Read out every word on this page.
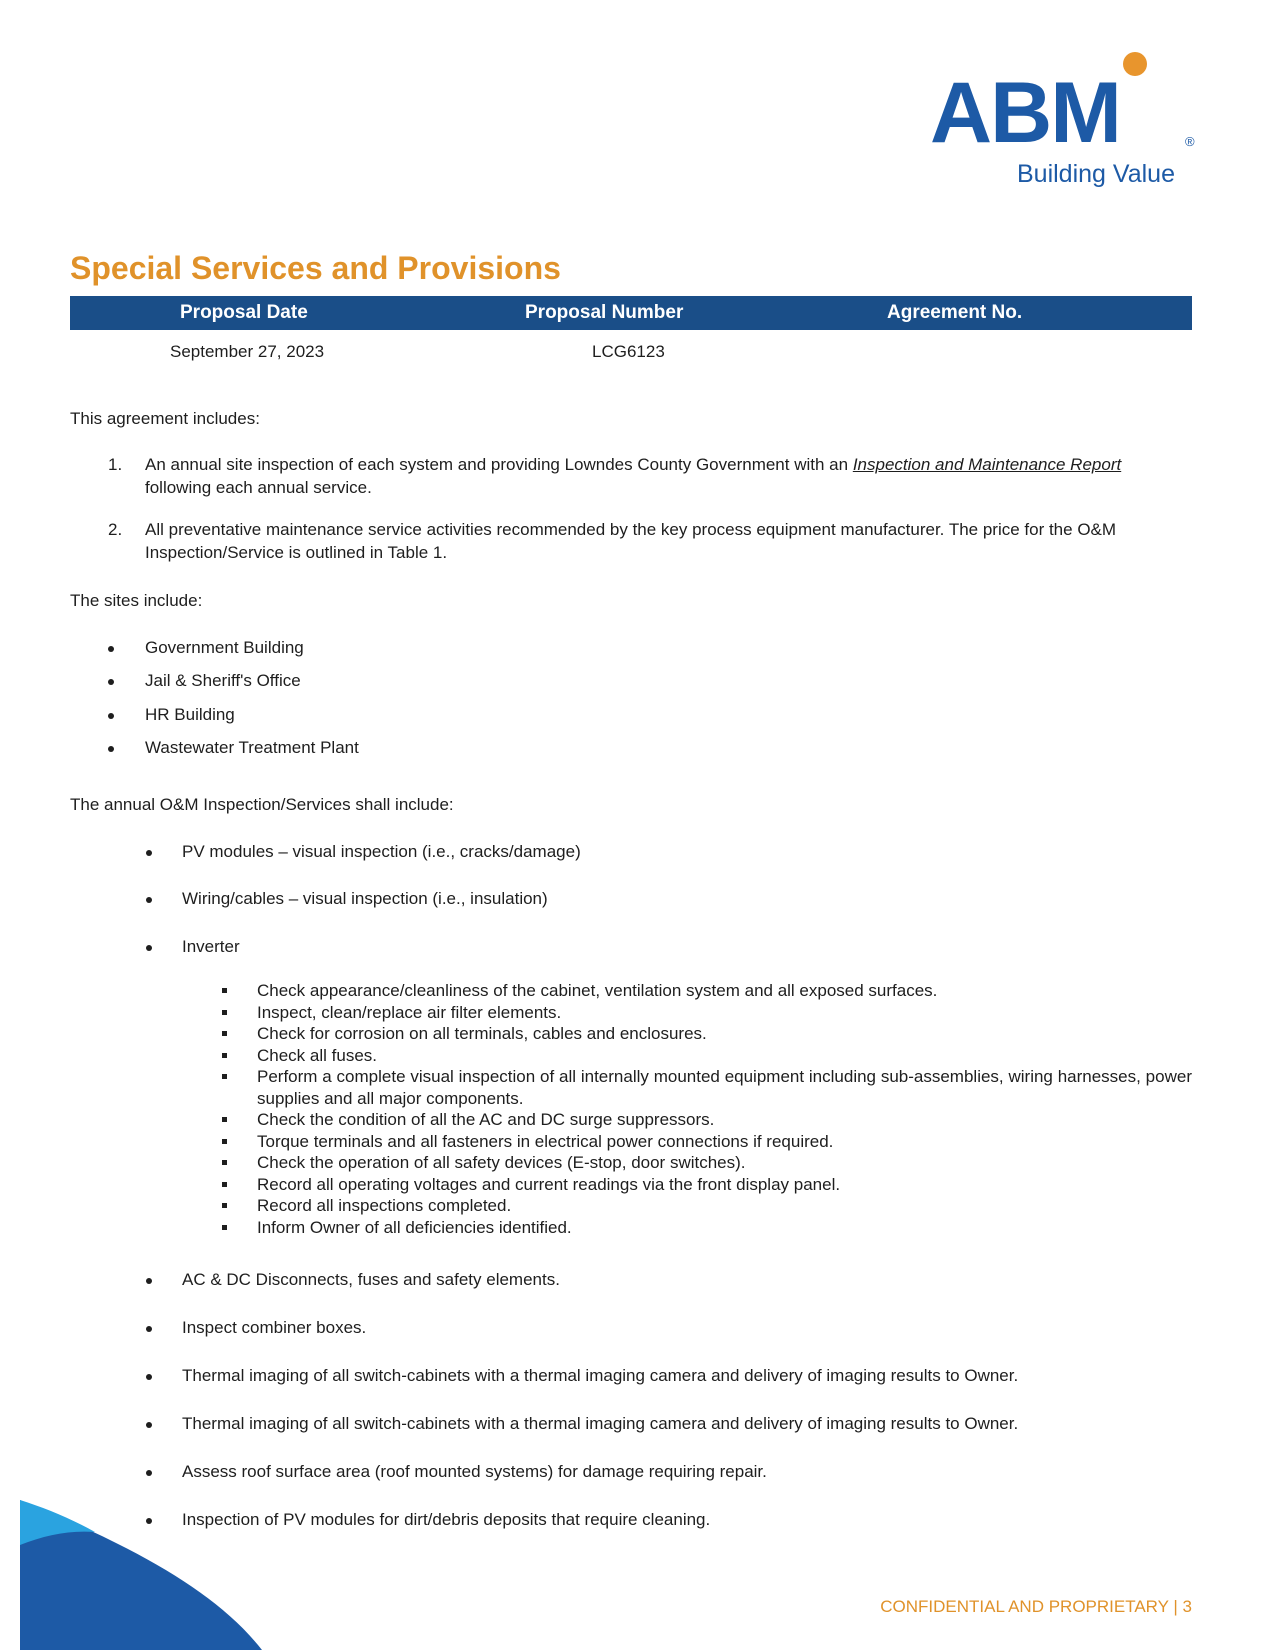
ABM	®
Building Value
Special Services and Provisions
Proposal Date	Proposal Number	Agreement No.
September 27, 2023	LCG6123

This agreement includes:

1. An annual site inspection of each system and providing Lowndes County Government with an Inspection and Maintenance Report following each annual service.
2. All preventative maintenance service activities recommended by the key process equipment manufacturer. The price for the O&M Inspection/Service is outlined in Table 1.

The sites include:

Government Building
Jail & Sheriff's Office
HR Building
Wastewater Treatment Plant

The annual O&M Inspection/Services shall include:

PV modules – visual inspection (i.e., cracks/damage)
Wiring/cables – visual inspection (i.e., insulation)
Inverter
Check appearance/cleanliness of the cabinet, ventilation system and all exposed surfaces.
Inspect, clean/replace air filter elements.
Check for corrosion on all terminals, cables and enclosures.
Check all fuses.
Perform a complete visual inspection of all internally mounted equipment including sub-assemblies, wiring harnesses, power supplies and all major components.
Check the condition of all the AC and DC surge suppressors.
Torque terminals and all fasteners in electrical power connections if required.
Check the operation of all safety devices (E-stop, door switches).
Record all operating voltages and current readings via the front display panel.
Record all inspections completed.
Inform Owner of all deficiencies identified.
AC & DC Disconnects, fuses and safety elements.
Inspect combiner boxes.
Thermal imaging of all switch-cabinets with a thermal imaging camera and delivery of imaging results to Owner.
Thermal imaging of all switch-cabinets with a thermal imaging camera and delivery of imaging results to Owner.
Assess roof surface area (roof mounted systems) for damage requiring repair.
Inspection of PV modules for dirt/debris deposits that require cleaning.
CONFIDENTIAL AND PROPRIETARY | 3
